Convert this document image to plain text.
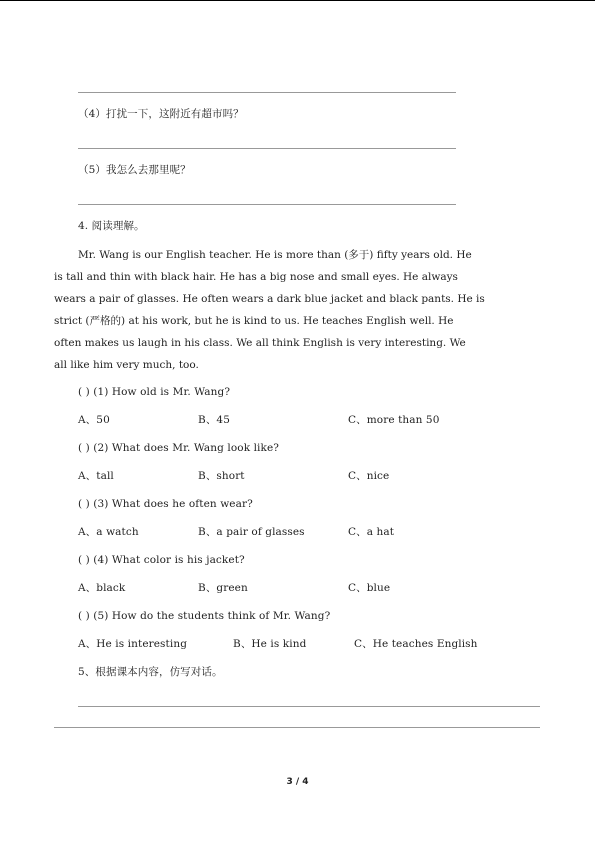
（4）打扰一下，这附近有超市吗？
（5）我怎么去那里呢？
4. 阅读理解。
Mr. Wang is our English teacher. He is more than (多于) fifty years old. He
is tall and thin with black hair. He has a big nose and small eyes. He always
wears a pair of glasses. He often wears a dark blue jacket and black pants. He is
strict (严格的) at his work, but he is kind to us. He teaches English well. He
often makes us laugh in his class. We all think English is very interesting. We
all like him very much, too.
( ) (1) How old is Mr. Wang?
A、50	B、45	C、more than 50
( ) (2) What does Mr. Wang look like?
A、tall	B、short	C、nice
( ) (3) What does he often wear?
A、a watch	B、a pair of glasses	C、a hat
( ) (4) What color is his jacket?
A、black	B、green	C、blue
( ) (5) How do the students think of Mr. Wang?
A、He is interesting	B、He is kind	C、He teaches English
5、根据课本内容，仿写对话。
3 / 4
